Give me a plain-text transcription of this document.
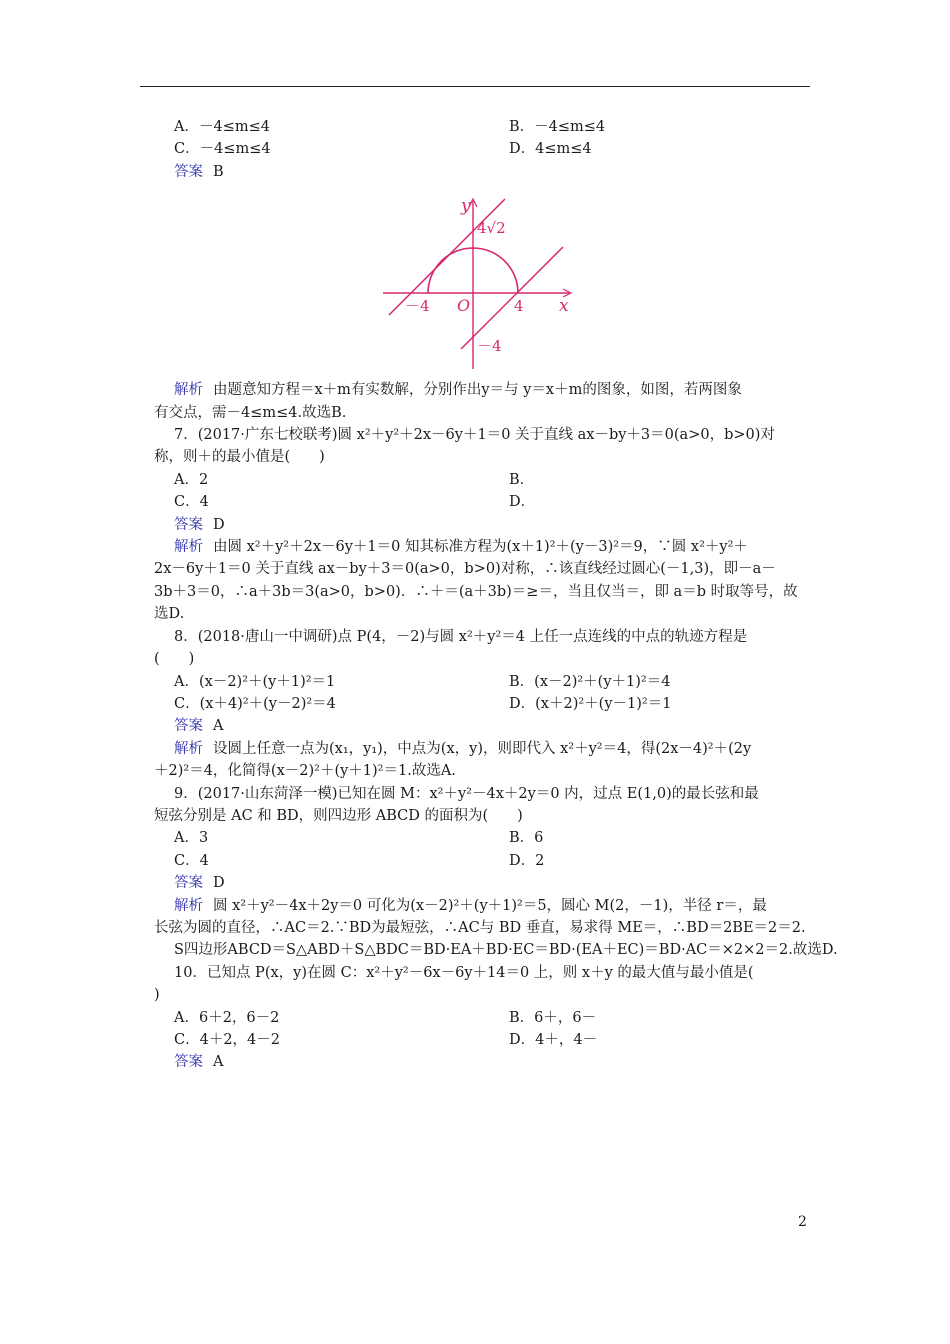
A．－4≤m≤4	B．－4≤m≤4
C．－4≤m≤4	D．4≤m≤4
答案 B
y
x
O
－4	4
－4
4√2
解析 由题意知方程＝x＋m有实数解，分别作出y＝与 y＝x＋m的图象，如图，若两图象
有交点，需－4≤m≤4.故选B.
7．(2017·广东七校联考)圆 x²＋y²＋2x－6y＋1＝0 关于直线 ax－by＋3＝0(a>0，b>0)对
称，则＋的最小值是(　　)
A．2	B．
C．4	D．
答案 D
解析 由圆 x²＋y²＋2x－6y＋1＝0 知其标准方程为(x＋1)²＋(y－3)²＝9，∵圆 x²＋y²＋
2x－6y＋1＝0 关于直线 ax－by＋3＝0(a>0，b>0)对称，∴该直线经过圆心(－1,3)，即－a－
3b＋3＝0，∴a＋3b＝3(a>0，b>0)．∴＋＝(a＋3b)＝≥＝，当且仅当＝，即 a＝b 时取等号，故
选D.
8．(2018·唐山一中调研)点 P(4，－2)与圆 x²＋y²＝4 上任一点连线的中点的轨迹方程是
(　　)
A．(x－2)²＋(y＋1)²＝1	B．(x－2)²＋(y＋1)²＝4
C．(x＋4)²＋(y－2)²＝4	D．(x＋2)²＋(y－1)²＝1
答案 A
解析 设圆上任意一点为(x₁，y₁)，中点为(x，y)，则即代入 x²＋y²＝4，得(2x－4)²＋(2y
＋2)²＝4，化简得(x－2)²＋(y＋1)²＝1.故选A.
9．(2017·山东菏泽一模)已知在圆 M：x²＋y²－4x＋2y＝0 内，过点 E(1,0)的最长弦和最
短弦分别是 AC 和 BD，则四边形 ABCD 的面积为(　　)
A．3	B．6
C．4	D．2
答案 D
解析 圆 x²＋y²－4x＋2y＝0 可化为(x－2)²＋(y＋1)²＝5，圆心 M(2，－1)，半径 r＝，最
长弦为圆的直径，∴AC＝2.∵BD为最短弦，∴AC与 BD 垂直，易求得 ME＝，∴BD＝2BE＝2＝2.
S四边形ABCD＝S△ABD＋S△BDC＝BD·EA＋BD·EC＝BD·(EA＋EC)＝BD·AC＝×2×2＝2.故选D.
10．已知点 P(x，y)在圆 C：x²＋y²－6x－6y＋14＝0 上，则 x＋y 的最大值与最小值是(
)
A．6＋2，6－2	B．6＋，6－
C．4＋2，4－2	D．4＋，4－
答案 A
2
